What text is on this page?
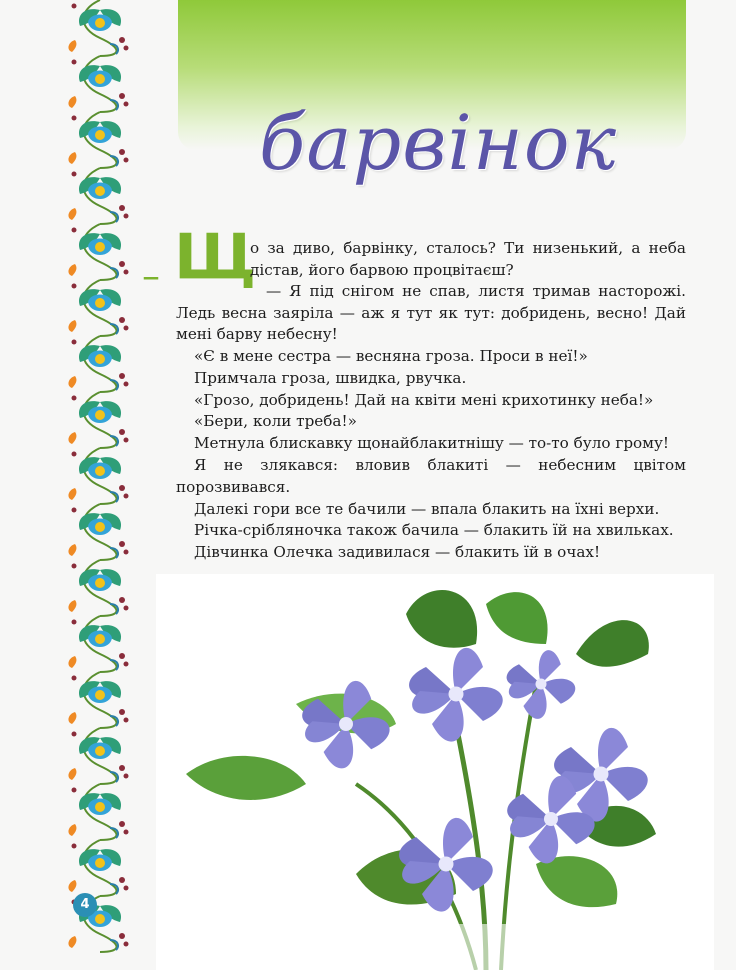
4
барвінок
– Щ
о за диво, барвінку, сталось? Ти низенький, а неба дістав, його барвою процвітаєш?
— Я під снігом не спав, листя тримав насторожі. Ледь весна заяріла — аж я тут як тут: добридень, весно! Дай мені барву небесну!

«Є в мене сестра — весняна гроза. Проси в неї!»

Примчала гроза, швидка, рвучка.

«Грозо, добридень! Дай на квіти мені крихотинку неба!»

«Бери, коли треба!»

Метнула блискавку щонайблакитнішу — то-то було грому!

Я не злякався: вловив блакиті — небесним цвітом порозвивався.

Далекі гори все те бачили — впала блакить на їхні верхи.

Річка-срібляночка також бачила — блакить їй на хвильках.

Дівчинка Олечка задивилася — блакить їй в очах!
